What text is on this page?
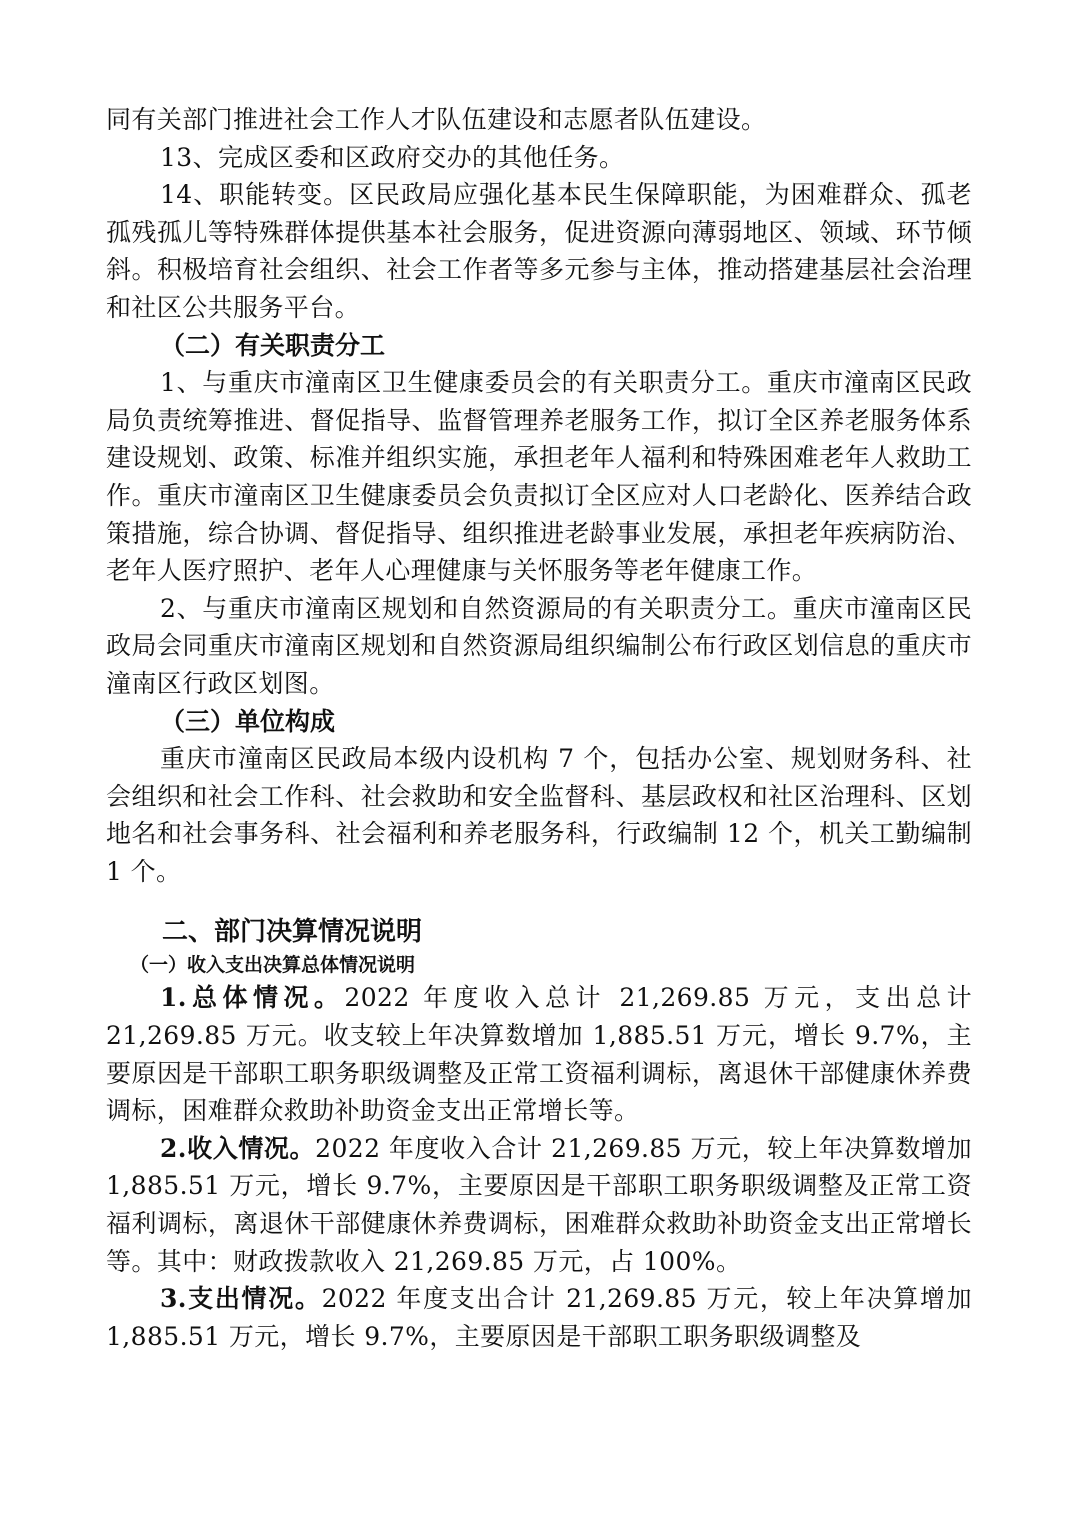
同有关部门推进社会工作人才队伍建设和志愿者队伍建设。

13、完成区委和区政府交办的其他任务。

14、职能转变。区民政局应强化基本民生保障职能，为困难群众、孤老孤残孤儿等特殊群体提供基本社会服务，促进资源向薄弱地区、领域、环节倾斜。积极培育社会组织、社会工作者等多元参与主体，推动搭建基层社会治理和社区公共服务平台。

（二）有关职责分工

1、与重庆市潼南区卫生健康委员会的有关职责分工。重庆市潼南区民政局负责统筹推进、督促指导、监督管理养老服务工作，拟订全区养老服务体系建设规划、政策、标准并组织实施，承担老年人福利和特殊困难老年人救助工作。重庆市潼南区卫生健康委员会负责拟订全区应对人口老龄化、医养结合政策措施，综合协调、督促指导、组织推进老龄事业发展，承担老年疾病防治、老年人医疗照护、老年人心理健康与关怀服务等老年健康工作。

2、与重庆市潼南区规划和自然资源局的有关职责分工。重庆市潼南区民政局会同重庆市潼南区规划和自然资源局组织编制公布行政区划信息的重庆市潼南区行政区划图。

（三）单位构成

重庆市潼南区民政局本级内设机构 7 个，包括办公室、规划财务科、社会组织和社会工作科、社会救助和安全监督科、基层政权和社区治理科、区划地名和社会事务科、社会福利和养老服务科，行政编制 12 个，机关工勤编制 1 个。

二、部门决算情况说明
（一）收入支出决算总体情况说明

1.总体情况。2022 年度收入总计 21,269.85 万元，支出总计 21,269.85 万元。收支较上年决算数增加 1,885.51 万元，增长 9.7%，主要原因是干部职工职务职级调整及正常工资福利调标，离退休干部健康休养费调标，困难群众救助补助资金支出正常增长等。

2.收入情况。2022 年度收入合计 21,269.85 万元，较上年决算数增加 1,885.51 万元，增长 9.7%，主要原因是干部职工职务职级调整及正常工资福利调标，离退休干部健康休养费调标，困难群众救助补助资金支出正常增长等。其中：财政拨款收入 21,269.85 万元，占 100%。

3.支出情况。2022 年度支出合计 21,269.85 万元，较上年决算增加 1,885.51 万元，增长 9.7%，主要原因是干部职工职务职级调整及
